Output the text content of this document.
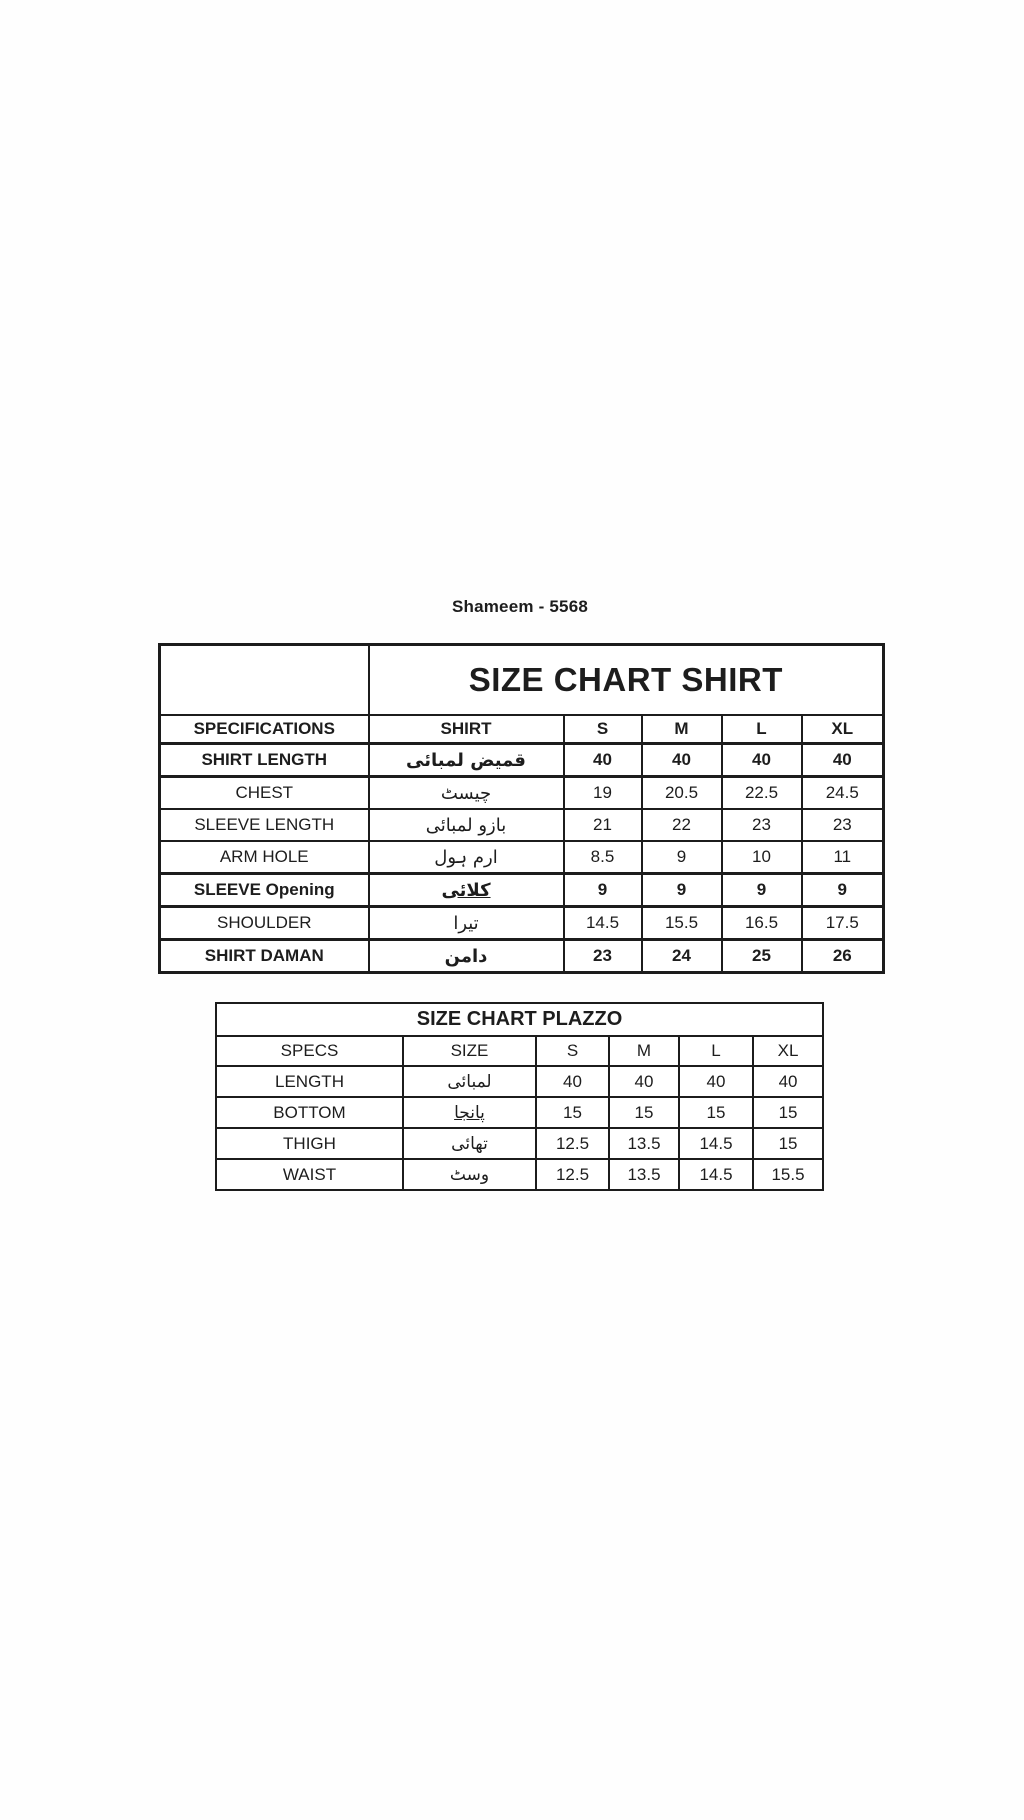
Shameem - 5568
	SIZE CHART SHIRT				
SPECIFICATIONS	SHIRT	S	M	L	XL
SHIRT LENGTH	قمیض لمبائی	40	40	40	40
CHEST	چیسٹ	19	20.5	22.5	24.5
SLEEVE LENGTH	بازو لمبائی	21	22	23	23
ARM HOLE	ارم ہول	8.5	9	10	11
SLEEVE Opening	کلائی	9	9	9	9
SHOULDER	تیرا	14.5	15.5	16.5	17.5
SHIRT DAMAN	دامن	23	24	25	26
SIZE CHART PLAZZO					
SPECS	SIZE	S	M	L	XL
LENGTH	لمبائی	40	40	40	40
BOTTOM	پانجا	15	15	15	15
THIGH	تھائی	12.5	13.5	14.5	15
WAIST	وسٹ	12.5	13.5	14.5	15.5
